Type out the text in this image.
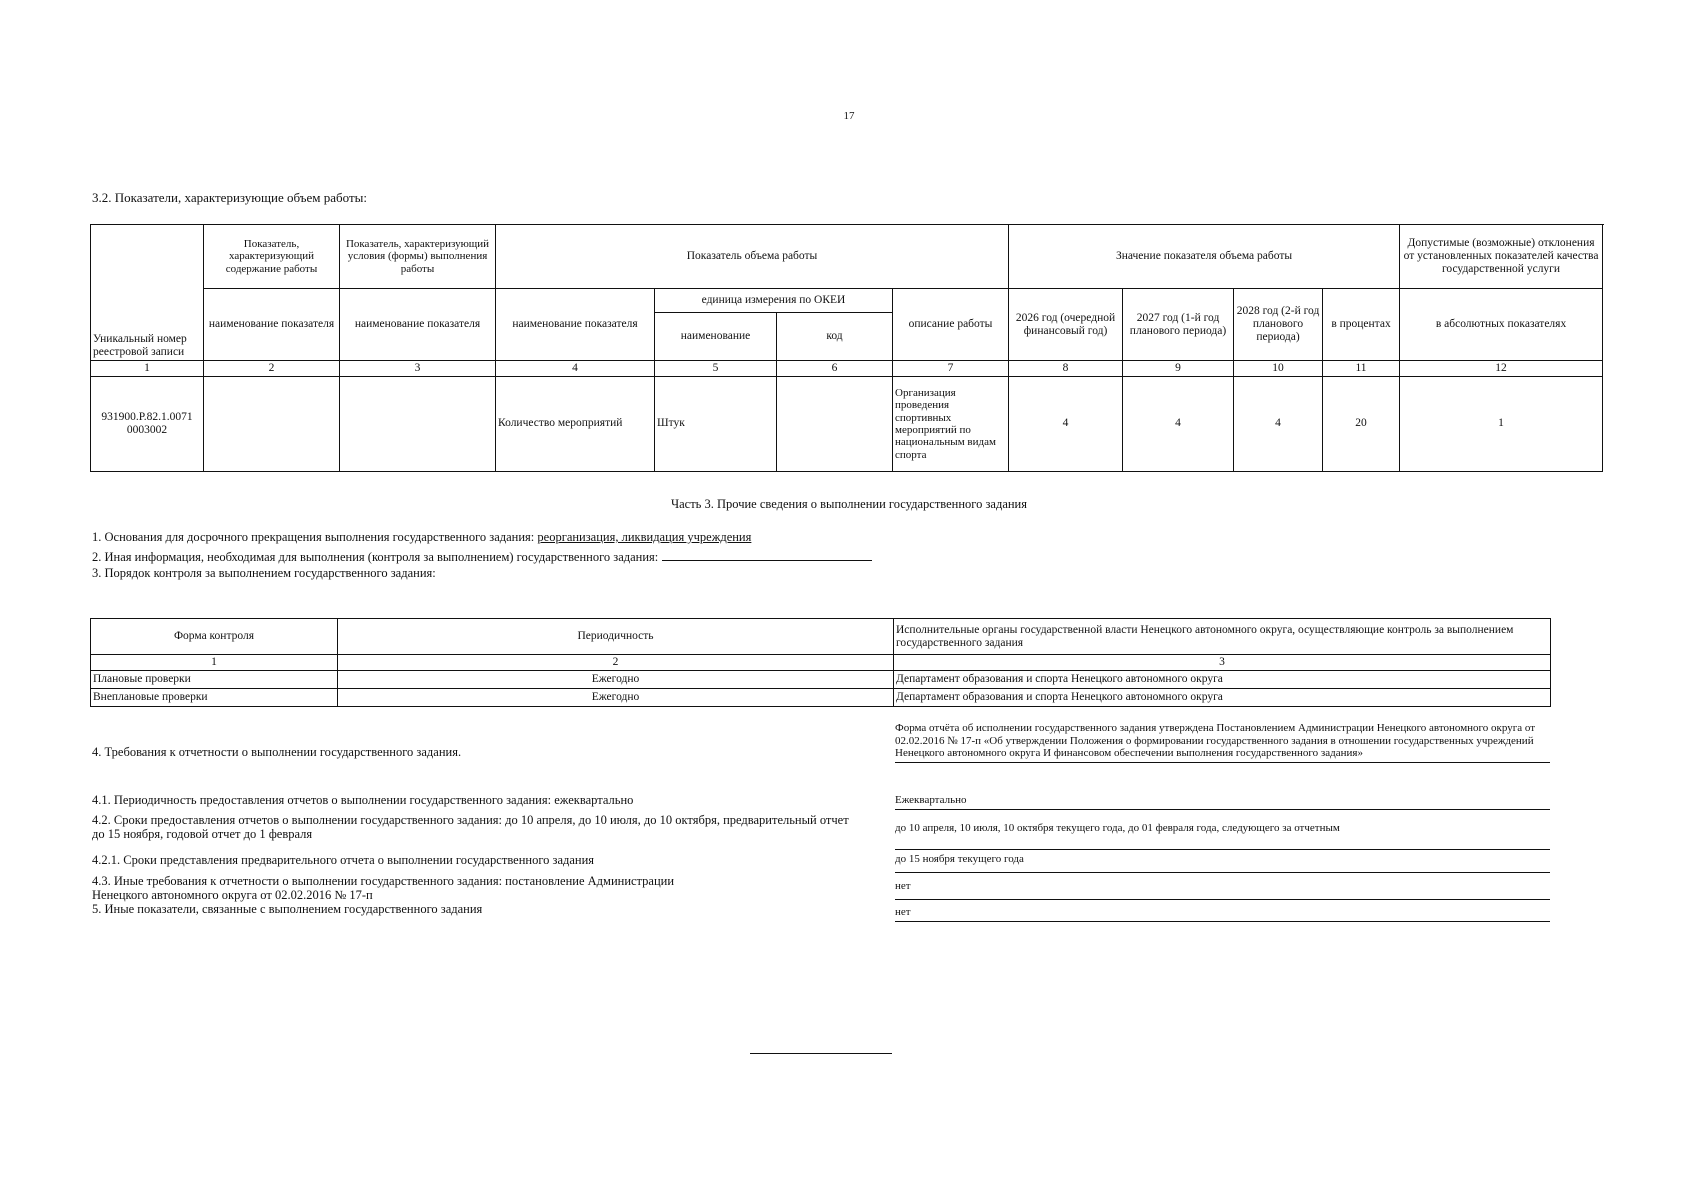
17
3.2. Показатели, характеризующие объем работы:
Уникальный номер реестровой записи	Показатель, характеризующий содержание работы	Показатель, характеризующий условия (формы) выполнения работы	Показатель объема работы				Значение показателя объема работы				Допустимые (возможные) отклонения от установленных показателей качества государственной услуги
	наименование показателя	наименование показателя	наименование показателя	единица измерения по ОКЕИ		описание работы	2026 год (очередной финансовый год)	2027 год (1-й год планового периода)	2028 год (2-й год планового периода)	в процентах	в абсолютных показателях
				наименование	код						
1	2	3	4	5	6	7	8	9	10	11	12
931900.Р.82.1.0071 0003002			Количество мероприятий	Штук		Организация проведения спортивных мероприятий по национальным видам спорта	4	4	4	20	1
Часть 3. Прочие сведения о выполнении государственного задания
1. Основания для досрочного прекращения выполнения государственного задания: реорганизация, ликвидация учреждения
2. Иная информация, необходимая для выполнения (контроля за выполнением) государственного задания:
3. Порядок контроля за выполнением государственного задания:
Форма контроля	Периодичность	Исполнительные органы государственной власти Ненецкого автономного округа, осуществляющие контроль за выполнением государственного задания
1	2	3
Плановые проверки	Ежегодно	Департамент образования и спорта Ненецкого автономного округа
Внеплановые проверки	Ежегодно	Департамент образования и спорта Ненецкого автономного округа
4. Требования к отчетности о выполнении государственного задания.
Форма отчёта об исполнении государственного задания утверждена Постановлением Администрации Ненецкого автономного округа от 02.02.2016 № 17-п «Об утверждении Положения о формировании государственного задания в отношении государственных учреждений Ненецкого автономного округа И финансовом обеспечении выполнения государственного задания»
4.1. Периодичность предоставления отчетов о выполнении государственного задания: ежеквартально	Ежеквартально
4.2. Сроки предоставления отчетов о выполнении государственного задания: до 10 апреля, до 10 июля, до 10 октября, предварительный отчет до 15 ноября, годовой отчет до 1 февраля	до 10 апреля, 10 июля, 10 октября текущего года, до 01 февраля года, следующего за отчетным
4.2.1. Сроки представления предварительного отчета о выполнении государственного задания	до 15 ноября текущего года
4.3. Иные требования к отчетности о выполнении государственного задания: постановление Администрации Ненецкого автономного округа от 02.02.2016 № 17-п
нет
5. Иные показатели, связанные с выполнением государственного задания	нет
